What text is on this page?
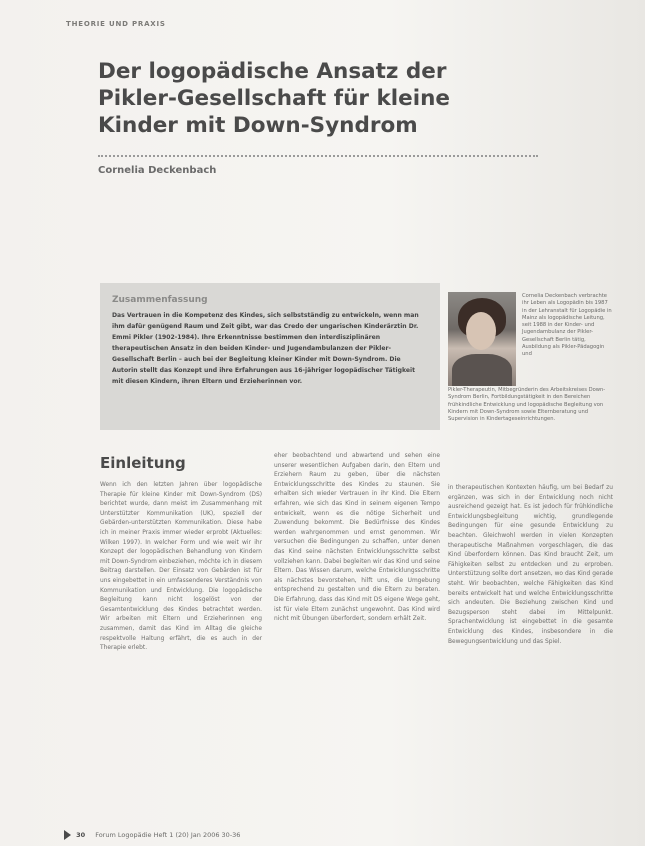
THEORIE UND PRAXIS
Der logopädische Ansatz der Pikler-Gesellschaft für kleine Kinder mit Down-Syndrom
Cornelia Deckenbach
Zusammenfassung

Das Vertrauen in die Kompetenz des Kindes, sich selbstständig zu entwickeln, wenn man ihm dafür genügend Raum und Zeit gibt, war das Credo der ungarischen Kinderärztin Dr. Emmi Pikler (1902-1984). Ihre Erkenntnisse bestimmen den interdisziplinären therapeutischen Ansatz in den beiden Kinder- und Jugendambulanzen der Pikler-Gesellschaft Berlin – auch bei der Begleitung kleiner Kinder mit Down-Syndrom. Die Autorin stellt das Konzept und ihre Erfahrungen aus 16-jähriger logopädischer Tätigkeit mit diesen Kindern, ihren Eltern und Erzieherinnen vor.

Cornelia Deckenbach verbrachte ihr Leben als Logopädin bis 1987 in der Lehranstalt für Logopädie in Mainz als logopädische Leitung, seit 1988 in der Kinder- und Jugendambulanz der Pikler-Gesellschaft Berlin tätig, Ausbildung als Pikler-Pädagogin und
Pikler-Therapeutin, Mitbegründerin des Arbeitskreises Down-Syndrom Berlin, Fortbildungstätigkeit in den Bereichen frühkindliche Entwicklung und logopädische Begleitung von Kindern mit Down-Syndrom sowie Elternberatung und Supervision in Kindertageseinrichtungen.
Einleitung

Wenn ich den letzten Jahren über logopädische Therapie für kleine Kinder mit Down-Syndrom (DS) berichtet wurde, dann meist im Zusammenhang mit Unterstützter Kommunikation (UK), speziell der Gebärden-unterstützten Kommunikation. Diese habe ich in meiner Praxis immer wieder erprobt (Aktuelles: Wilken 1997). In welcher Form und wie weit wir ihr Konzept der logopädischen Behandlung von Kindern mit Down-Syndrom einbeziehen, möchte ich in diesem Beitrag darstellen. Der Einsatz von Gebärden ist für uns eingebettet in ein umfassenderes Verständnis von Kommunikation und Entwicklung. Die logopädische Begleitung kann nicht losgelöst von der Gesamtentwicklung des Kindes betrachtet werden. Wir arbeiten mit Eltern und Erzieherinnen eng zusammen, damit das Kind im Alltag die gleiche respektvolle Haltung erfährt, die es auch in der Therapie erlebt.

eher beobachtend und abwartend und sehen eine unserer wesentlichen Aufgaben darin, den Eltern und Erziehern Raum zu geben, über die nächsten Entwicklungsschritte des Kindes zu staunen. Sie erhalten sich wieder Vertrauen in ihr Kind. Die Eltern erfahren, wie sich das Kind in seinem eigenen Tempo entwickelt, wenn es die nötige Sicherheit und Zuwendung bekommt. Die Bedürfnisse des Kindes werden wahrgenommen und ernst genommen. Wir versuchen die Bedingungen zu schaffen, unter denen das Kind seine nächsten Entwicklungsschritte selbst vollziehen kann. Dabei begleiten wir das Kind und seine Eltern. Das Wissen darum, welche Entwicklungsschritte als nächstes bevorstehen, hilft uns, die Umgebung entsprechend zu gestalten und die Eltern zu beraten. Die Erfahrung, dass das Kind mit DS eigene Wege geht, ist für viele Eltern zunächst ungewohnt. Das Kind wird nicht mit Übungen überfordert, sondern erhält Zeit.

in therapeutischen Kontexten häufig, um bei Bedarf zu ergänzen, was sich in der Entwicklung noch nicht ausreichend gezeigt hat. Es ist jedoch für frühkindliche Entwicklungsbegleitung wichtig, grundlegende Bedingungen für eine gesunde Entwicklung zu beachten. Gleichwohl werden in vielen Konzepten therapeutische Maßnahmen vorgeschlagen, die das Kind überfordern können. Das Kind braucht Zeit, um Fähigkeiten selbst zu entdecken und zu erproben. Unterstützung sollte dort ansetzen, wo das Kind gerade steht. Wir beobachten, welche Fähigkeiten das Kind bereits entwickelt hat und welche Entwicklungsschritte sich andeuten. Die Beziehung zwischen Kind und Bezugsperson steht dabei im Mittelpunkt. Sprachentwicklung ist eingebettet in die gesamte Entwicklung des Kindes, insbesondere in die Bewegungsentwicklung und das Spiel.

30 Forum Logopädie Heft 1 (20) Jan 2006 30-36
